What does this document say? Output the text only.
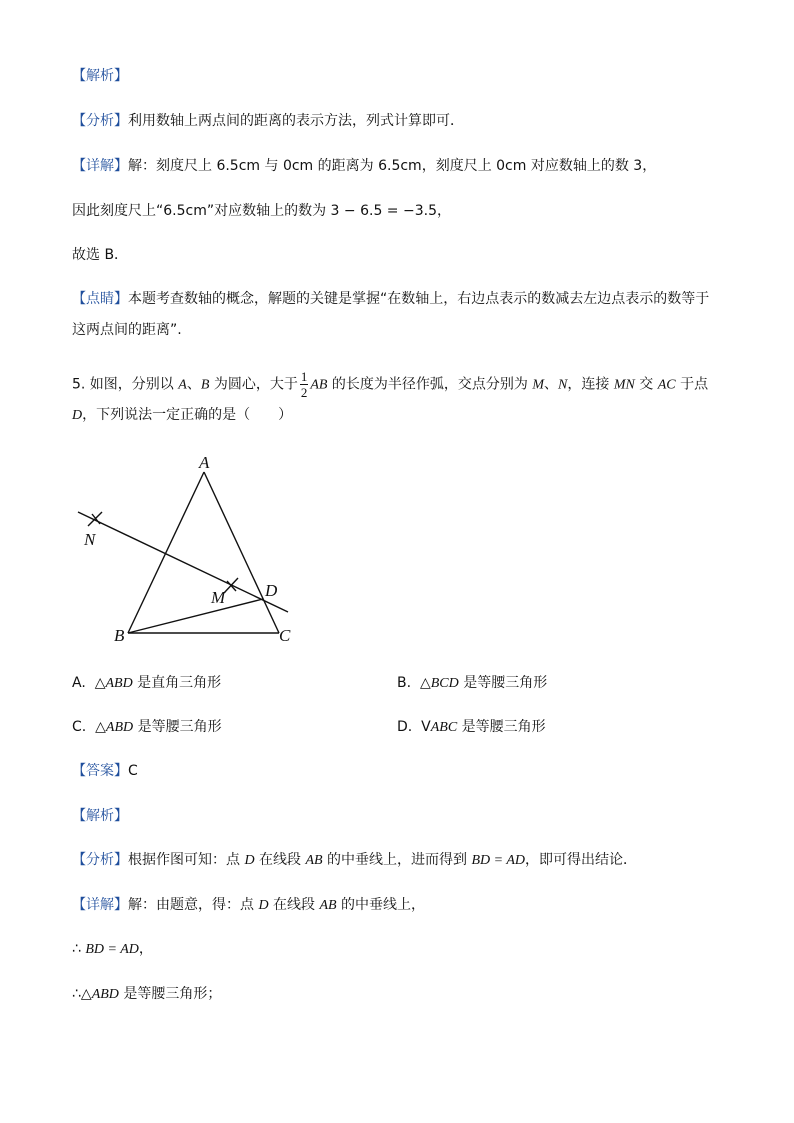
【解析】
【分析】利用数轴上两点间的距离的表示方法，列式计算即可．
【详解】解：刻度尺上 6.5cm 与 0cm 的距离为 6.5cm，刻度尺上 0cm 对应数轴上的数 3，
因此刻度尺上“6.5cm”对应数轴上的数为 3 − 6.5 = −3.5，
故选 B．
【点睛】本题考查数轴的概念，解题的关键是掌握“在数轴上，右边点表示的数减去左边点表示的数等于
这两点间的距离”.
5. 如图，分别以 A、B 为圆心，大于 $\frac{1}{2}$ AB 的长度为半径作弧，交点分别为 M、N，连接 MN 交 AC 于点
D，下列说法一定正确的是（　　）
A
N
M D
B	C
A. △ABD 是直角三角形	B. △BCD 是等腰三角形
C. △ABD 是等腰三角形	D. VABC 是等腰三角形
【答案】C
【解析】
【分析】根据作图可知：点 D 在线段 AB 的中垂线上，进而得到 BD = AD，即可得出结论．
【详解】解：由题意，得：点 D 在线段 AB 的中垂线上，
∴ BD = AD，
∴△ABD 是等腰三角形；
